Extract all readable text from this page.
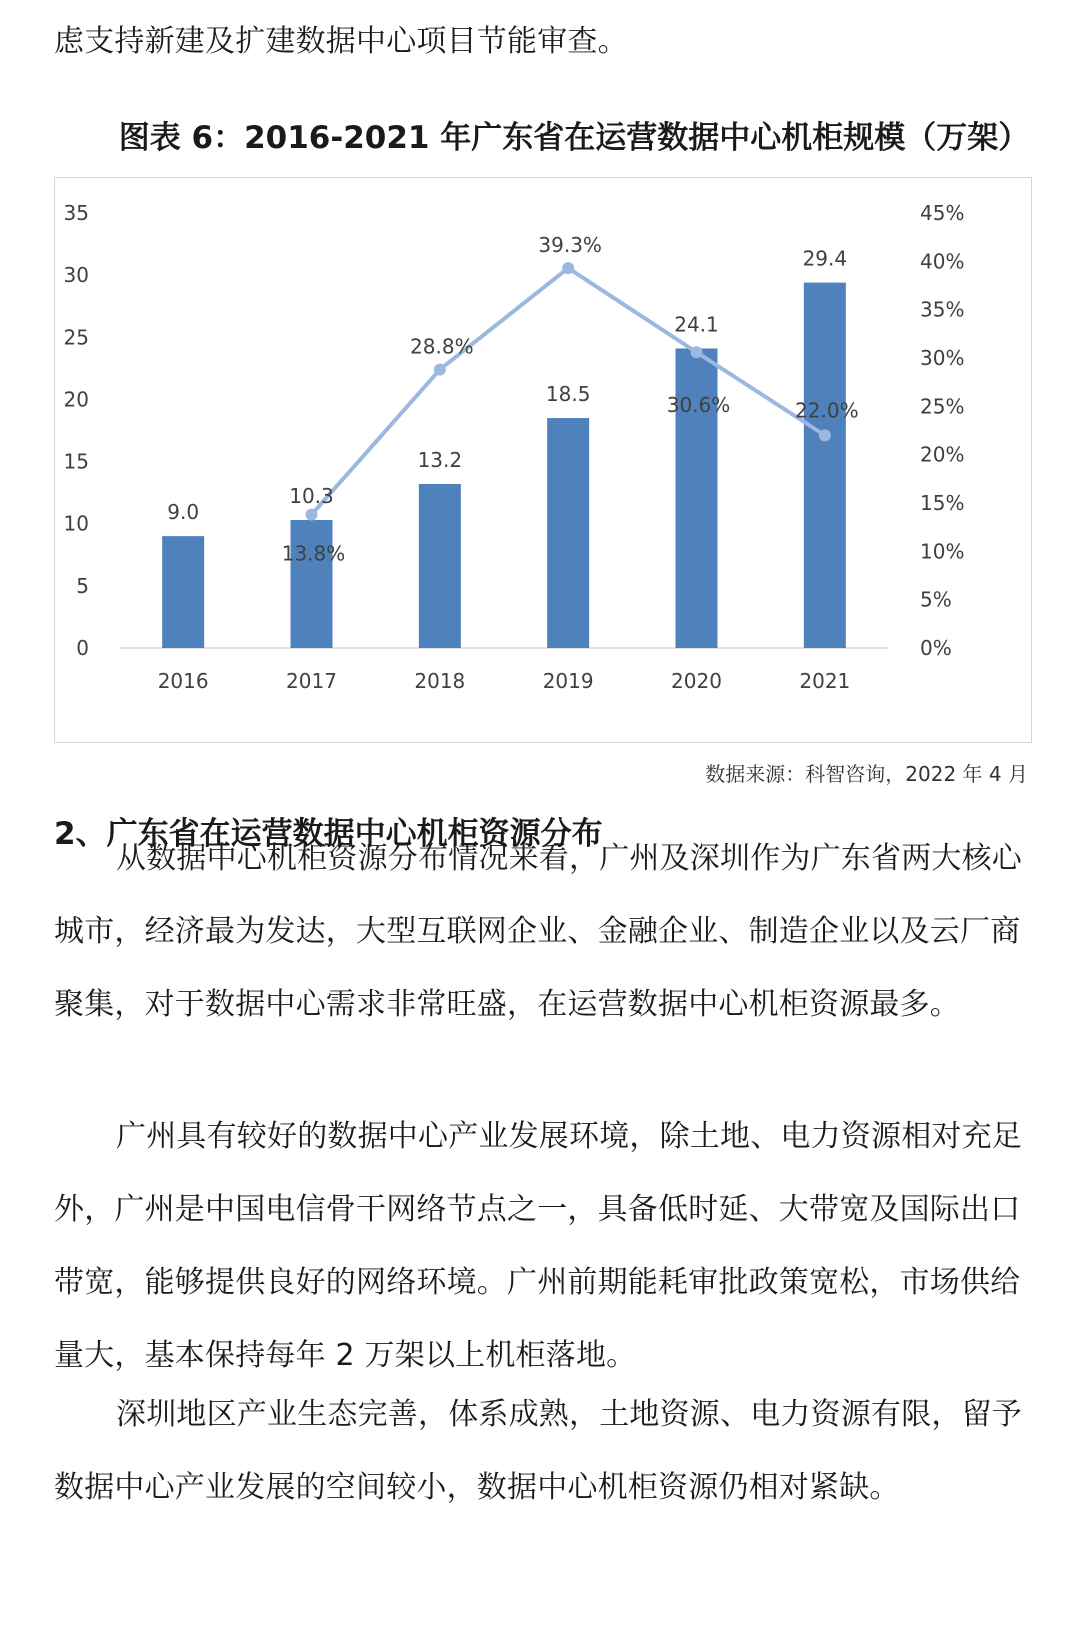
虑支持新建及扩建数据中心项目节能审查。

图表 6：2016-2021 年广东省在运营数据中心机柜规模（万架）
0
5
10
15
20
25
30
35
0%
5%
10%
15%
20%
25%
30%
35%
40%
45%
2016	2017	2018	2019	2020	2021
9.0
10.3
13.2
18.5
24.1
29.4
13.8%
28.8%
39.3%
30.6%	22.0%
数据来源：科智咨询，2022 年 4 月
2、广东省在运营数据中心机柜资源分布

从数据中心机柜资源分布情况来看，广州及深圳作为广东省两大核心城市，经济最为发达，大型互联网企业、金融企业、制造企业以及云厂商聚集，对于数据中心需求非常旺盛，在运营数据中心机柜资源最多。

广州具有较好的数据中心产业发展环境，除土地、电力资源相对充足外，广州是中国电信骨干网络节点之一，具备低时延、大带宽及国际出口带宽，能够提供良好的网络环境。广州前期能耗审批政策宽松，市场供给量大，基本保持每年 2 万架以上机柜落地。

深圳地区产业生态完善，体系成熟，土地资源、电力资源有限，留予数据中心产业发展的空间较小，数据中心机柜资源仍相对紧缺。
